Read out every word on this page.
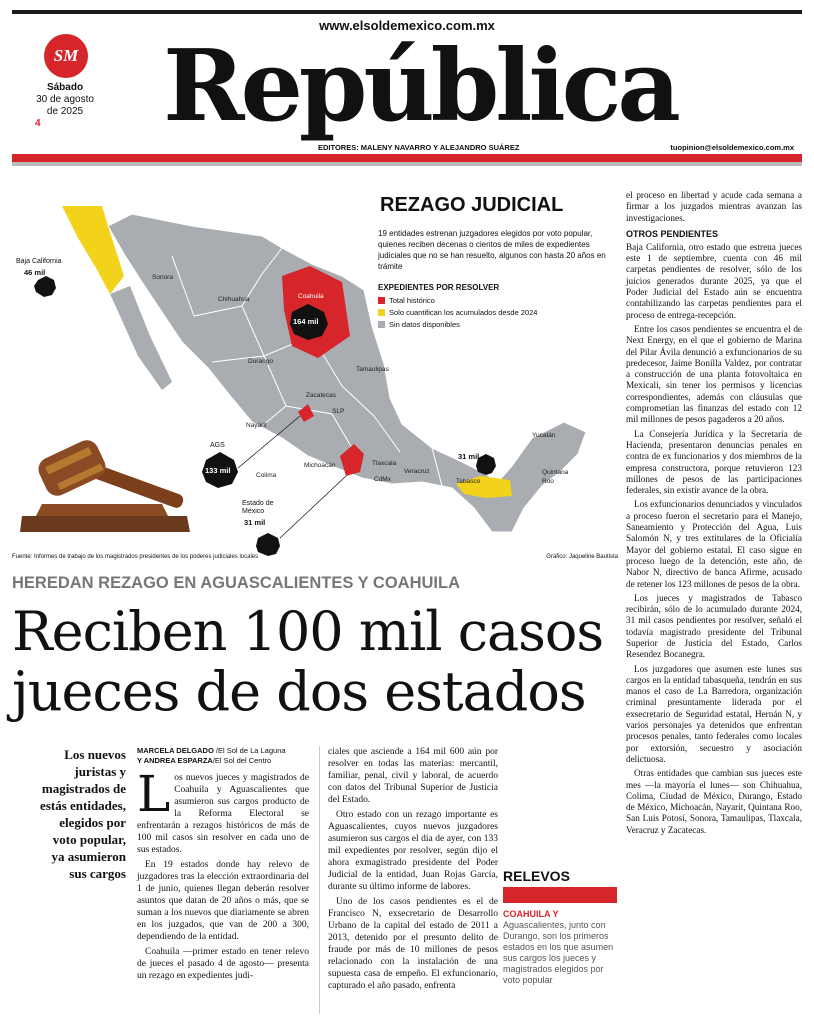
www.elsoldemexico.com.mx
SM
Sábado
30 de agosto
de 2025
4	República
EDITORES: MALENY NAVARRO Y ALEJANDRO SUÁREZ	tuopinion@elsoldemexico.com.mx
REZAGO JUDICIAL
19 entidades estrenan juzgadores elegidos por voto popular, quienes reciben decenas o cientos de miles de expedientes judiciales que no se han resuelto, algunos con hasta 20 años en trámite
EXPEDIENTES POR RESOLVER
Total histórico
Solo cuantifican los acumulados desde 2024
Sin datos disponibles
Sonora
Chihuahua	Coahuila
Durango
Tamaulipas
Zacatecas
SLP
Nayarit
Colima
Michoacán	Tlaxcala
CdMx
Veracruz
Tabasco
Yucatán
Quintana
Roo
Baja California
46 mil
164 mil
AGS
133 mil
Estado de
México
31 mil
31 mil
Fuente: Informes de trabajo de los magistrados presidentes de los poderes judiciales locales	Gráfico: Jaqueline Bautista
HEREDAN REZAGO EN AGUASCALIENTES Y COAHUILA
Reciben 100 mil casos jueces de dos estados
Los nuevos juristas y magistrados de estás entidades, elegidos por voto popular, ya asumieron sus cargos
MARCELA DELGADO /El Sol de La Laguna
Y ANDREA ESPARZA/El Sol del Centro

Los nuevos jueces y magistrados de Coahuila y Aguascalientes que asumieron sus cargos producto de la Reforma Electoral se enfrentarán a rezagos históricos de más de 100 mil casos sin resolver en cada uno de sus estados.

En 19 estados donde hay relevo de juzgadores tras la elección extraordinaria del 1 de junio, quienes llegan deberán resolver asuntos que datan de 20 años o más, que se suman a los nuevos que diariamente se abren en los juzgados, que van de 200 a 300, dependiendo de la entidad.

Coahuila —primer estado en tener relevo de jueces el pasado 4 de agosto— presenta un rezago en expedientes judi-

ciales que asciende a 164 mil 600 aún por resolver en todas las materias: mercantil, familiar, penal, civil y laboral, de acuerdo con datos del Tribunal Superior de Justicia del Estado.

Otro estado con un rezago importante es Aguascalientes, cuyos nuevos juzgadores asumieron sus cargos el día de ayer, con 133 mil expedientes por resolver, según dijo el ahora exmagistrado presidente del Poder Judicial de la entidad, Juan Rojas García, durante su último informe de labores.

Uno de los casos pendientes es el de Francisco N, exsecretario de Desarrollo Urbano de la capital del estado de 2011 a 2013, detenido por el presunto delito de fraude por más de 10 millones de pesos relacionado con la instalación de una supuesta casa de empeño. El exfuncionario, capturado el año pasado, enfrenta

RELEVOS
COAHUILA Y Aguascalientes, junto con Durango, son los primeros estados en los que asumen sus cargos los jueces y magistrados elegidos por voto popular

el proceso en libertad y acude cada semana a firmar a los juzgados mientras avanzan las investigaciones.

OTROS PENDIENTES

Baja California, otro estado que estrena jueces este 1 de septiembre, cuenta con 46 mil carpetas pendientes de resolver, sólo de los juicios generados durante 2025, ya que el Poder Judicial del Estado aún se encuentra contabilizando las carpetas pendientes para el proceso de entrega-recepción.

Entre los casos pendientes se encuentra el de Next Energy, en el que el gobierno de Marina del Pilar Ávila denunció a exfuncionarios de su predecesor, Jaime Bonilla Valdez, por contratar a construcción de una planta fotovoltaica en Mexicali, sin tener los permisos y licencias correspondientes, además con cláusulas que comprometían las finanzas del estado con 12 mil millones de pesos pagaderos a 20 años.

La Consejería Jurídica y la Secretaría de Hacienda, presentaron denuncias penales en contra de ex funcionarios y dos miembros de la empresa constructora, porque retuvieron 123 millones de pesos de las participaciones federales, sin existir avance de la obra.

Los exfuncionarios denunciados y vinculados a proceso fueron el secretario para el Manejo, Saneamiento y Protección del Agua, Luis Salomón N, y tres extitulares de la Oficialía Mayor del gobierno estatal. El caso sigue en proceso luego de la detención, este año, de Nabor N, directivo de banca Afirme, acusado de retener los 123 millones de pesos de la obra.

Los jueces y magistrados de Tabasco recibirán, sólo de lo acumulado durante 2024, 31 mil casos pendientes por resolver, señaló el todavía magistrado presidente del Tribunal Superior de Justicia del Estado, Carlos Resendez Bocanegra.

Los juzgadores que asumen este lunes sus cargos en la entidad tabasqueña, tendrán en sus manos el caso de La Barredora, organización criminal presuntamente liderada por el exsecretario de Seguridad estatal, Hernán N, y varios personajes ya detenidos que enfrentan procesos penales, tanto federales como locales por extorsión, secuestro y asociación delictuosa.

Otras entidades que cambian sus jueces este mes —la mayoría el lunes— son Chihuahua, Colima, Ciudad de México, Durango, Estado de México, Michoacán, Nayarit, Quintana Roo, San Luis Potosí, Sonora, Tamaulipas, Tlaxcala, Veracruz y Zacatecas.
